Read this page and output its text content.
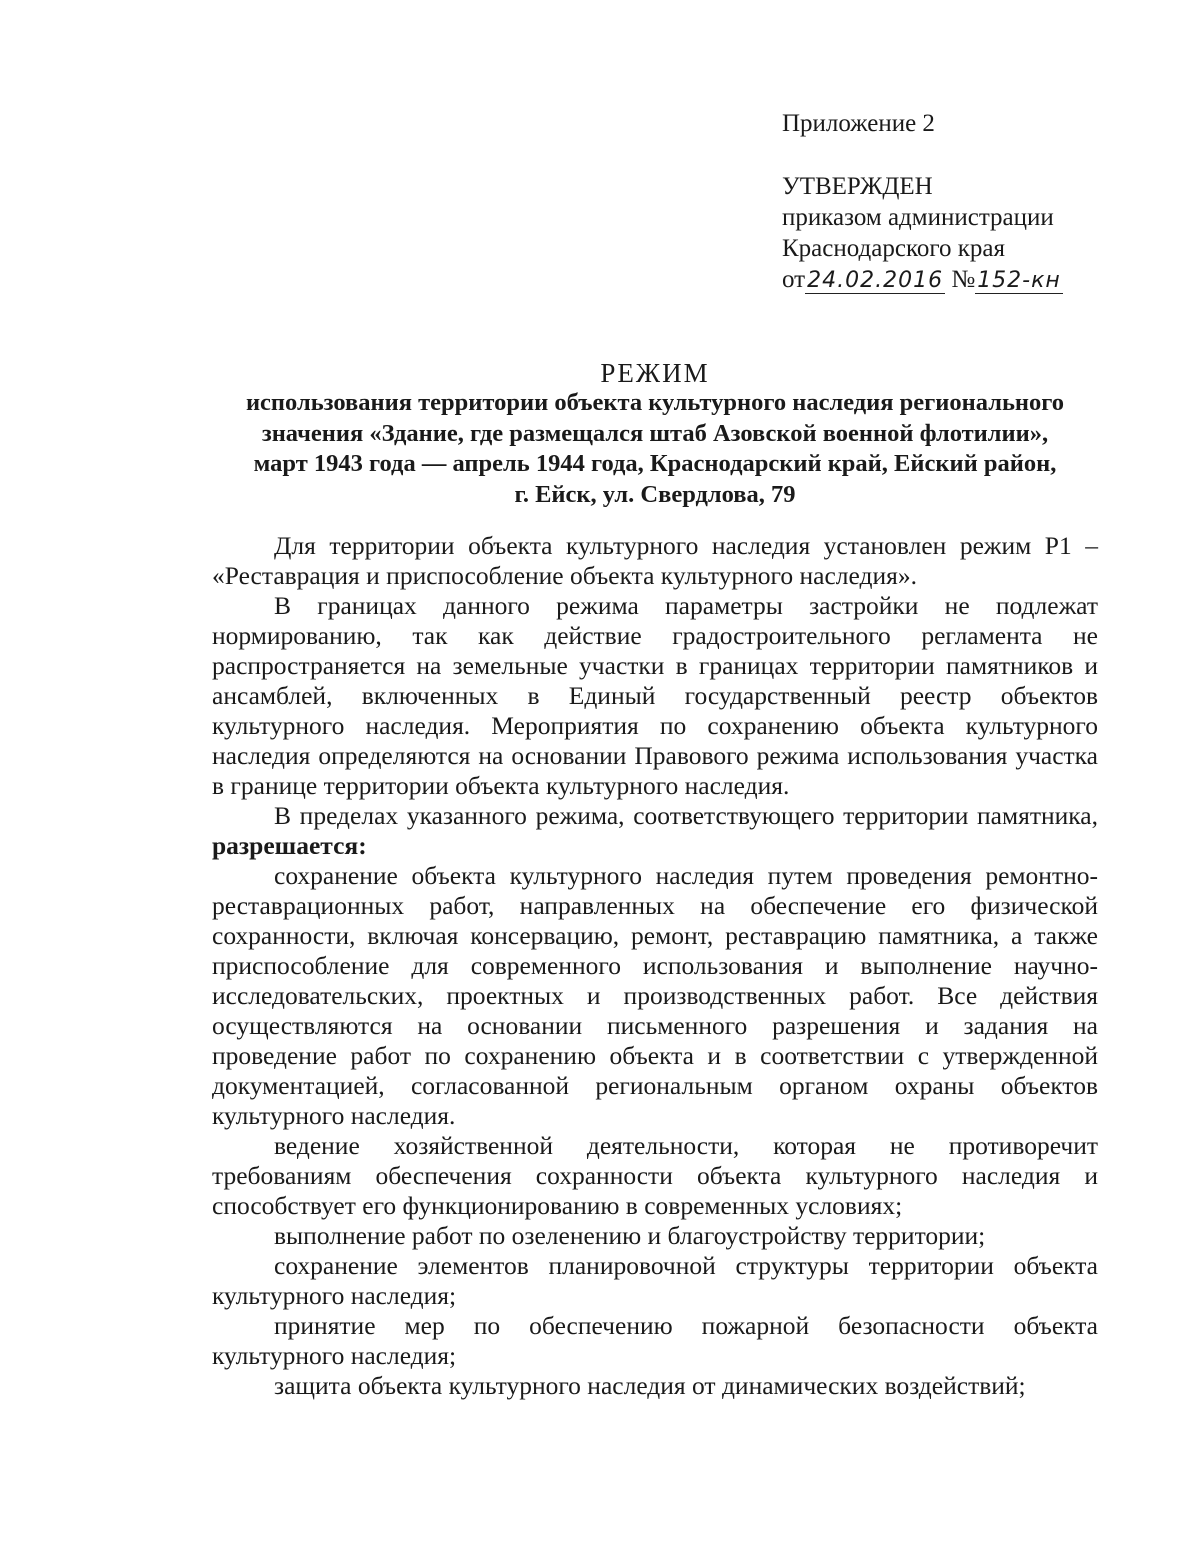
Приложение 2
УТВЕРЖДЕН
приказом администрации
Краснодарского края
от24.02.2016 №152-кн
РЕЖИМ
использования территории объекта культурного наследия регионального
значения «Здание, где размещался штаб Азовской военной флотилии»,
март 1943 года — апрель 1944 года, Краснодарский край, Ейский район,
г. Ейск, ул. Свердлова, 79

Для территории объекта культурного наследия установлен режим Р1 – «Реставрация и приспособление объекта культурного наследия».

В границах данного режима параметры застройки не подлежат нормированию, так как действие градостроительного регламента не распространяется на земельные участки в границах территории памятников и ансамблей, включенных в Единый государственный реестр объектов культурного наследия. Мероприятия по сохранению объекта культурного наследия определяются на основании Правового режима использования участка в границе территории объекта культурного наследия.

В пределах указанного режима, соответствующего территории памятника, разрешается:

сохранение объекта культурного наследия путем проведения ремонтно-реставрационных работ, направленных на обеспечение его физической сохранности, включая консервацию, ремонт, реставрацию памятника, а также приспособление для современного использования и выполнение научно-исследовательских, проектных и производственных работ. Все действия осуществляются на основании письменного разрешения и задания на проведение работ по сохранению объекта и в соответствии с утвержденной документацией, согласованной региональным органом охраны объектов культурного наследия.

ведение хозяйственной деятельности, которая не противоречит требованиям обеспечения сохранности объекта культурного наследия и способствует его функционированию в современных условиях;

выполнение работ по озеленению и благоустройству территории;

сохранение элементов планировочной структуры территории объекта культурного наследия;

принятие мер по обеспечению пожарной безопасности объекта культурного наследия;

защита объекта культурного наследия от динамических воздействий;
